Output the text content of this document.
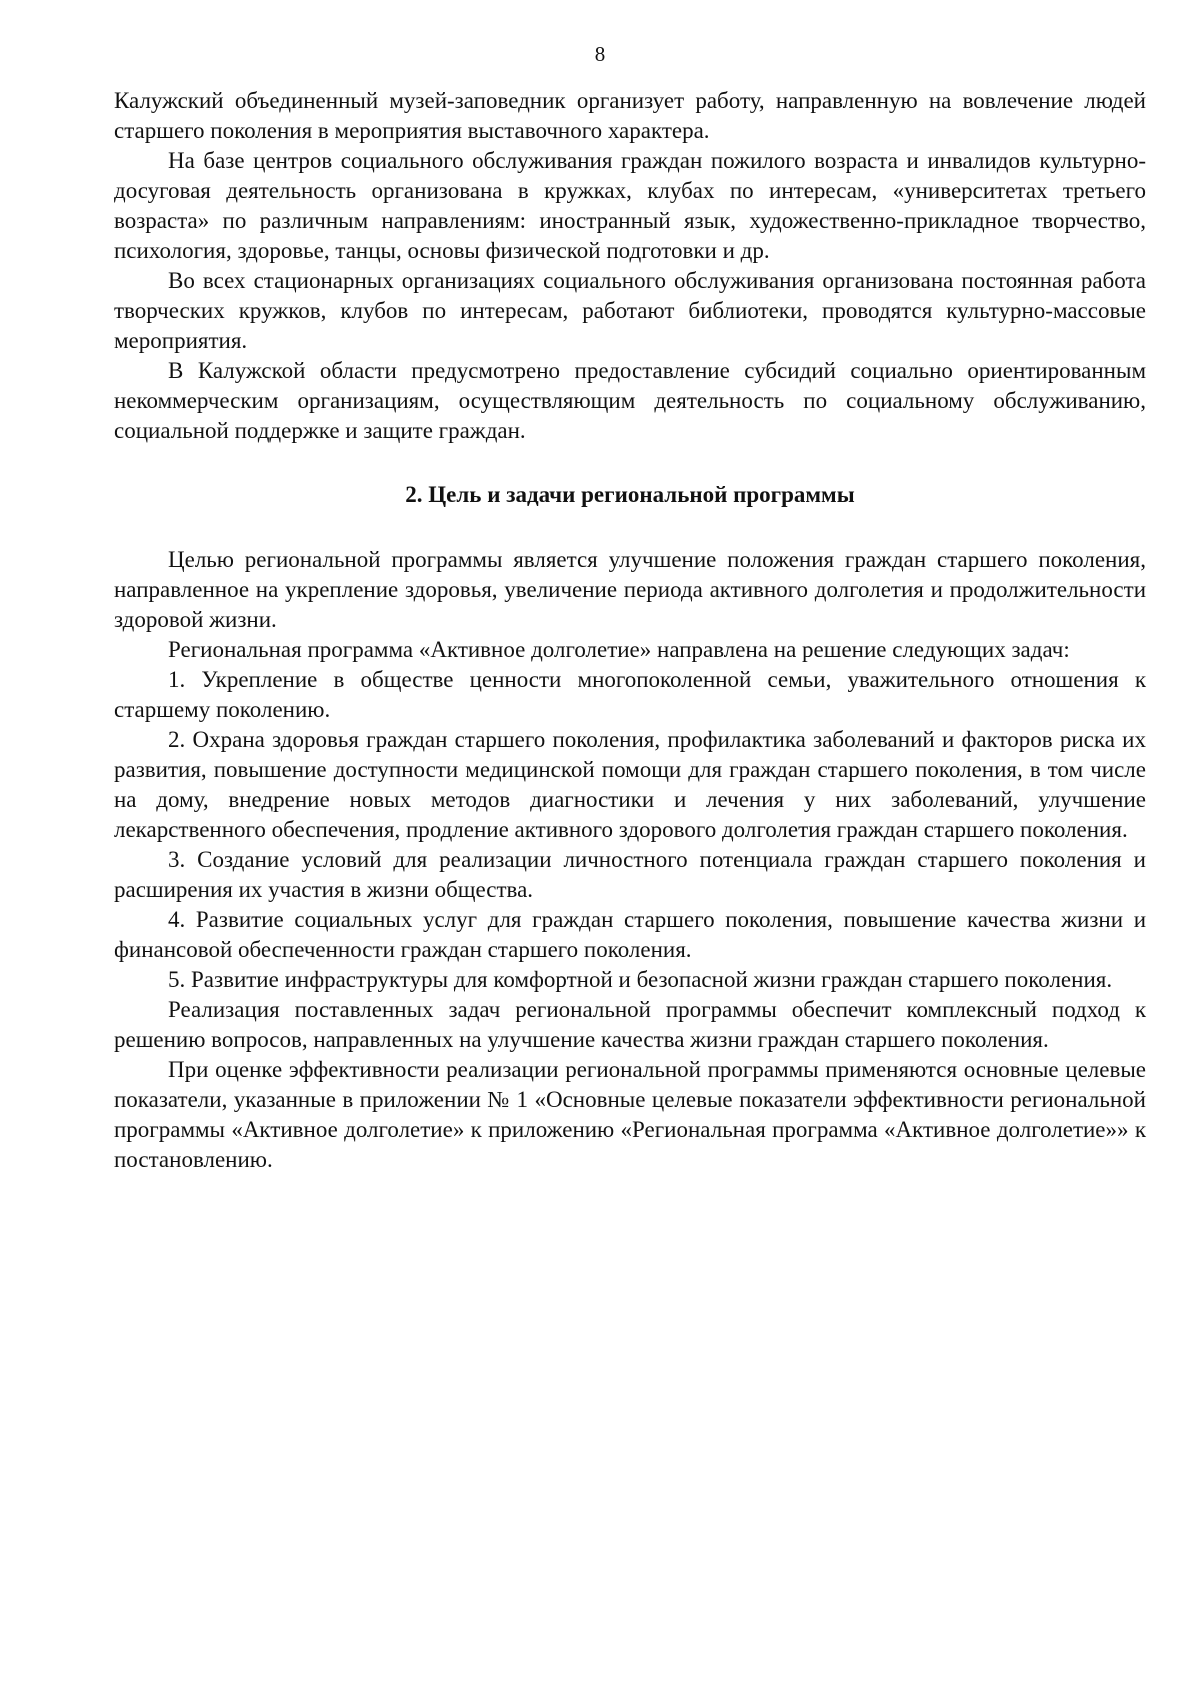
8

Калужский объединенный музей-заповедник организует работу, направленную на вовлечение людей старшего поколения в мероприятия выставочного характера.

На базе центров социального обслуживания граждан пожилого возраста и инвалидов культурно-досуговая деятельность организована в кружках, клубах по интересам, «университетах третьего возраста» по различным направлениям: иностранный язык, художественно-прикладное творчество, психология, здоровье, танцы, основы физической подготовки и др.

Во всех стационарных организациях социального обслуживания организована постоянная работа творческих кружков, клубов по интересам, работают библиотеки, проводятся культурно-массовые мероприятия.

В Калужской области предусмотрено предоставление субсидий социально ориентированным некоммерческим организациям, осуществляющим деятельность по социальному обслуживанию, социальной поддержке и защите граждан.

2. Цель и задачи региональной программы

Целью региональной программы является улучшение положения граждан старшего поколения, направленное на укрепление здоровья, увеличение периода активного долголетия и продолжительности здоровой жизни.

Региональная программа «Активное долголетие» направлена на решение следующих задач:

1. Укрепление в обществе ценности многопоколенной семьи, уважительного отношения к старшему поколению.

2. Охрана здоровья граждан старшего поколения, профилактика заболеваний и факторов риска их развития, повышение доступности медицинской помощи для граждан старшего поколения, в том числе на дому, внедрение новых методов диагностики и лечения у них заболеваний, улучшение лекарственного обеспечения, продление активного здорового долголетия граждан старшего поколения.

3. Создание условий для реализации личностного потенциала граждан старшего поколения и расширения их участия в жизни общества.

4. Развитие социальных услуг для граждан старшего поколения, повышение качества жизни и финансовой обеспеченности граждан старшего поколения.

5. Развитие инфраструктуры для комфортной и безопасной жизни граждан старшего поколения.

Реализация поставленных задач региональной программы обеспечит комплексный подход к решению вопросов, направленных на улучшение качества жизни граждан старшего поколения.

При оценке эффективности реализации региональной программы применяются основные целевые показатели, указанные в приложении № 1 «Основные целевые показатели эффективности региональной программы «Активное долголетие» к приложению «Региональная программа «Активное долголетие»» к постановлению.
